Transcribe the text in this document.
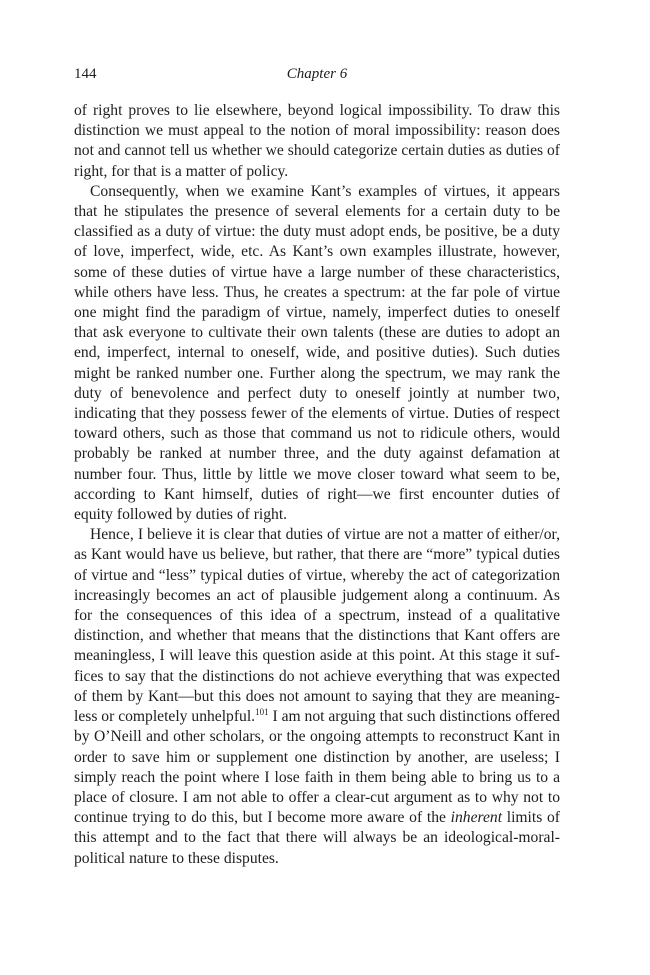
144	Chapter 6

of right proves to lie elsewhere, beyond logical impossibility. To draw this distinction we must appeal to the notion of moral impossibility: reason does not and cannot tell us whether we should categorize certain duties as duties of right, for that is a matter of policy.

Consequently, when we examine Kant’s examples of virtues, it appears that he stipulates the presence of several elements for a certain duty to be classified as a duty of virtue: the duty must adopt ends, be positive, be a duty of love, imperfect, wide, etc. As Kant’s own examples illustrate, however, some of these duties of virtue have a large number of these characteristics, while others have less. Thus, he creates a spectrum: at the far pole of virtue one might find the paradigm of virtue, namely, imperfect duties to oneself that ask everyone to cultivate their own talents (these are duties to adopt an end, imperfect, internal to oneself, wide, and positive duties). Such duties might be ranked number one. Further along the spectrum, we may rank the duty of benevolence and perfect duty to oneself jointly at number two, indicating that they possess fewer of the elements of virtue. Duties of respect toward others, such as those that command us not to ridicule others, would probably be ranked at number three, and the duty against defamation at number four. Thus, little by little we move closer toward what seem to be, according to Kant himself, duties of right—we first encounter duties of equity followed by duties of right.

Hence, I believe it is clear that duties of virtue are not a matter of either/or, as Kant would have us believe, but rather, that there are “more” typical duties of virtue and “less” typical duties of virtue, whereby the act of categorization increasingly becomes an act of plausible judgement along a continuum. As for the consequences of this idea of a spectrum, instead of a qualitative distinction, and whether that means that the distinctions that Kant offers are meaningless, I will leave this question aside at this point. At this stage it suffices to say that the distinctions do not achieve everything that was expected of them by Kant—but this does not amount to saying that they are meaningless or completely unhelpful.$^{101}$ I am not arguing that such distinctions offered by O’Neill and other scholars, or the ongoing attempts to reconstruct Kant in order to save him or supplement one distinction by another, are useless; I simply reach the point where I lose faith in them being able to bring us to a place of closure. I am not able to offer a clear-cut argument as to why not to continue trying to do this, but I become more aware of the inherent limits of this attempt and to the fact that there will always be an ideological-moral-political nature to these disputes.
